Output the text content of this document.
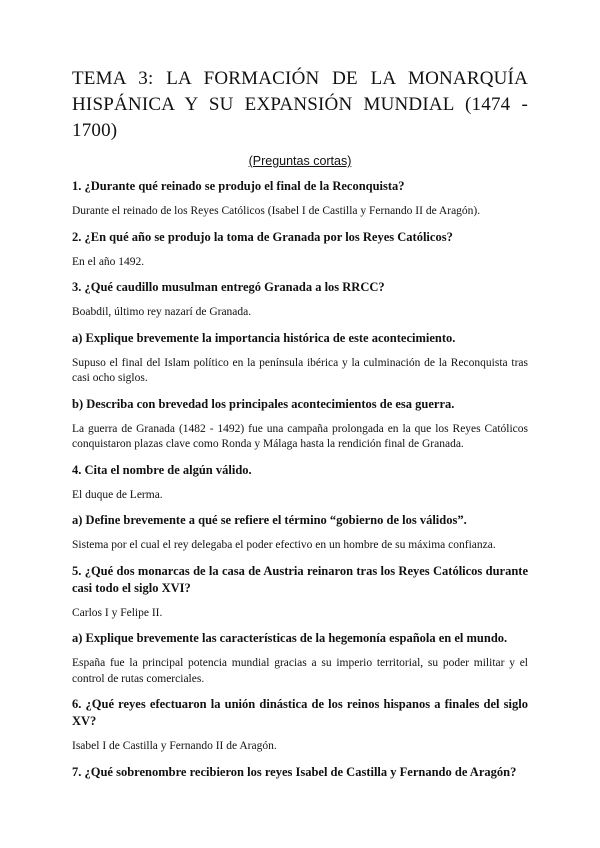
TEMA 3: LA FORMACIÓN DE LA MONARQUÍA HISPÁNICA Y SU EXPANSIÓN MUNDIAL (1474 - 1700)
(Preguntas cortas)
1. ¿Durante qué reinado se produjo el final de la Reconquista?
Durante el reinado de los Reyes Católicos (Isabel I de Castilla y Fernando II de Aragón).
2. ¿En qué año se produjo la toma de Granada por los Reyes Católicos?
En el año 1492.
3. ¿Qué caudillo musulman entregó Granada a los RRCC?
Boabdil, último rey nazarí de Granada.
a) Explique brevemente la importancia histórica de este acontecimiento.
Supuso el final del Islam político en la península ibérica y la culminación de la Reconquista tras casi ocho siglos.
b) Describa con brevedad los principales acontecimientos de esa guerra.
La guerra de Granada (1482 - 1492) fue una campaña prolongada en la que los Reyes Católicos conquistaron plazas clave como Ronda y Málaga hasta la rendición final de Granada.
4. Cita el nombre de algún válido.
El duque de Lerma.
a) Define brevemente a qué se refiere el término “gobierno de los válidos”.
Sistema por el cual el rey delegaba el poder efectivo en un hombre de su máxima confianza.
5. ¿Qué dos monarcas de la casa de Austria reinaron tras los Reyes Católicos durante casi todo el siglo XVI?
Carlos I y Felipe II.
a) Explique brevemente las características de la hegemonía española en el mundo.
España fue la principal potencia mundial gracias a su imperio territorial, su poder militar y el control de rutas comerciales.
6. ¿Qué reyes efectuaron la unión dinástica de los reinos hispanos a finales del siglo XV?
Isabel I de Castilla y Fernando II de Aragón.
7. ¿Qué sobrenombre recibieron los reyes Isabel de Castilla y Fernando de Aragón?
